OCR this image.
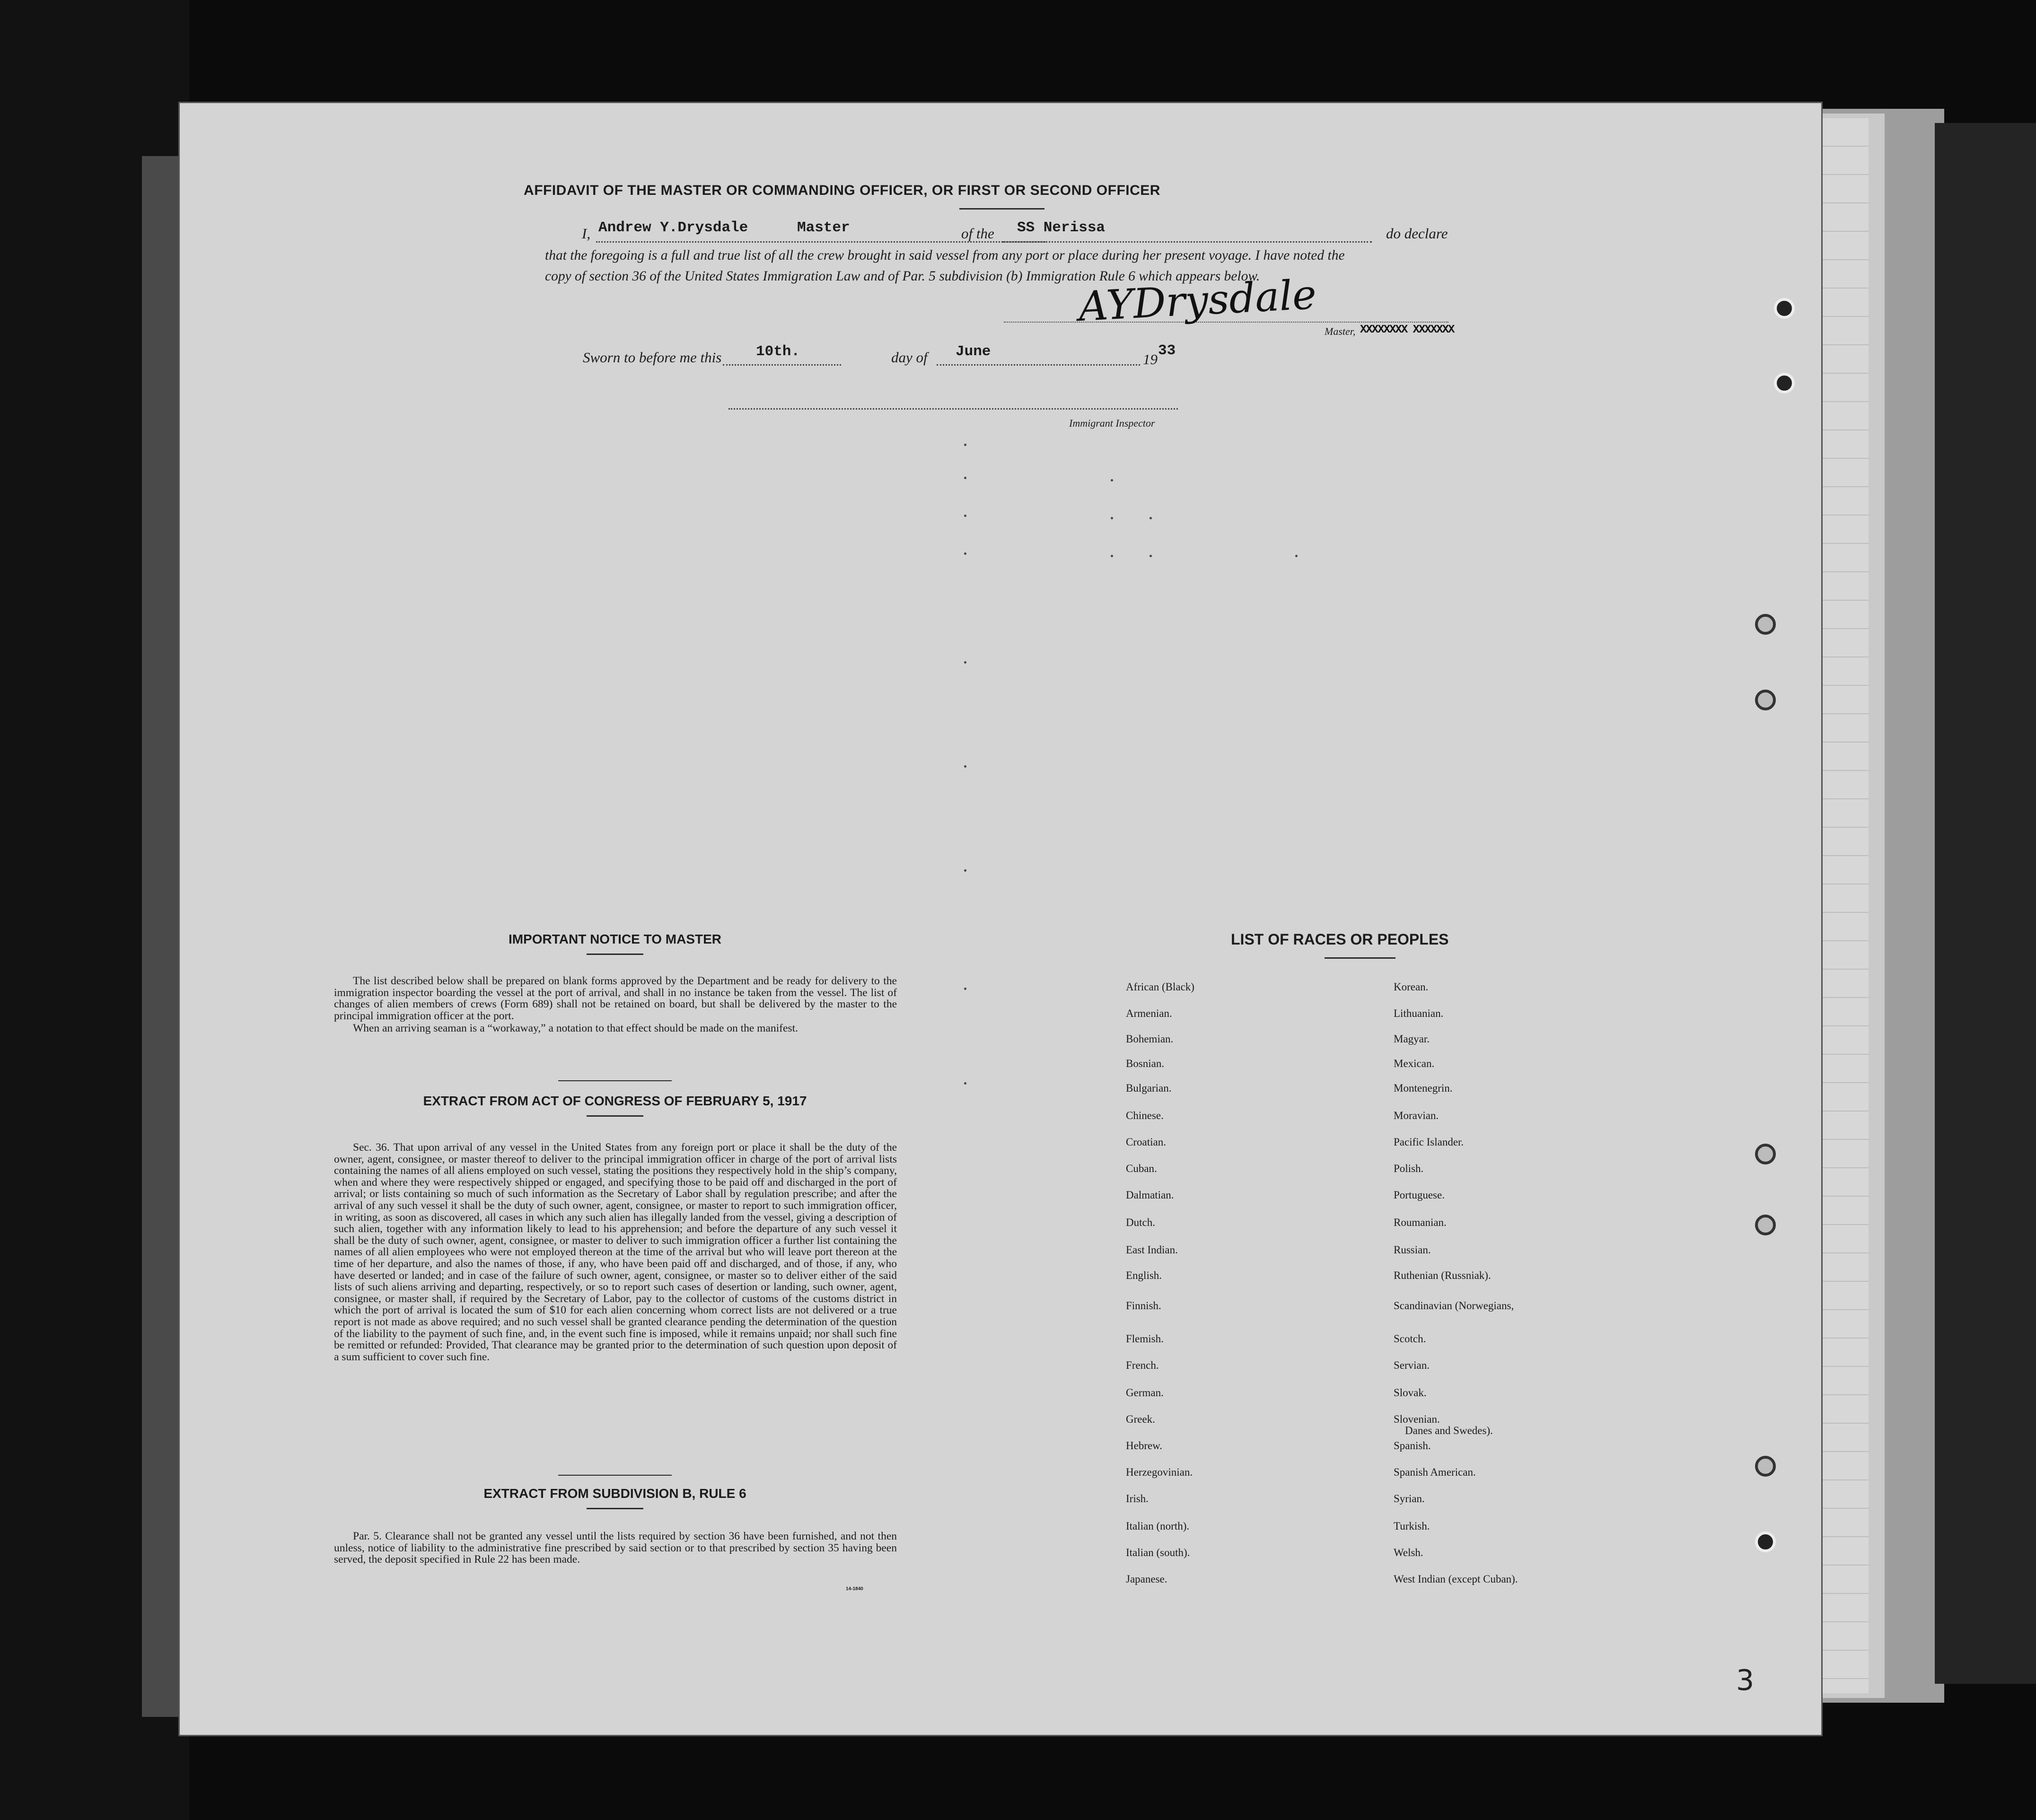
AFFIDAVIT OF THE MASTER OR COMMANDING OFFICER, OR FIRST OR SECOND OFFICER
I, Andrew Y.Drysdale	Master	of the SS Nerissa	do declare
that the foregoing is a full and true list of all the crew brought in said vessel from any port or place during her present voyage. I have noted the
copy of section 36 of the United States Immigration Law and of Par. 5 subdivision (b) Immigration Rule 6 which appears below.
AYDrysdale
Master, XXXXXXXX XXXXXXX
Sworn to before me this 10th.	day of June	19
33
Immigrant Inspector
IMPORTANT NOTICE TO MASTER
The list described below shall be prepared on blank forms approved by the Department and be ready for delivery to the immigration inspector boarding the vessel at the port of arrival, and shall in no instance be taken from the vessel. The list of changes of alien members of crews (Form 689) shall not be retained on board, but shall be delivered by the master to the principal immigration officer at the port.
When an arriving seaman is a “workaway,” a notation to that effect should be made on the manifest.
EXTRACT FROM ACT OF CONGRESS OF FEBRUARY 5, 1917
Sec. 36. That upon arrival of any vessel in the United States from any foreign port or place it shall be the duty of the owner, agent, consignee, or master thereof to deliver to the principal immigration officer in charge of the port of arrival lists containing the names of all aliens employed on such vessel, stating the positions they respectively hold in the ship’s company, when and where they were respectively shipped or engaged, and specifying those to be paid off and discharged in the port of arrival; or lists containing so much of such information as the Secretary of Labor shall by regulation prescribe; and after the arrival of any such vessel it shall be the duty of such owner, agent, consignee, or master to report to such immigration officer, in writing, as soon as discovered, all cases in which any such alien has illegally landed from the vessel, giving a description of such alien, together with any information likely to lead to his apprehension; and before the departure of any such vessel it shall be the duty of such owner, agent, consignee, or master to deliver to such immigration officer a further list containing the names of all alien employees who were not employed thereon at the time of the arrival but who will leave port thereon at the time of her departure, and also the names of those, if any, who have been paid off and discharged, and of those, if any, who have deserted or landed; and in case of the failure of such owner, agent, consignee, or master so to deliver either of the said lists of such aliens arriving and departing, respectively, or so to report such cases of desertion or landing, such owner, agent, consignee, or master shall, if required by the Secretary of Labor, pay to the collector of customs of the customs district in which the port of arrival is located the sum of $10 for each alien concerning whom correct lists are not delivered or a true report is not made as above required; and no such vessel shall be granted clearance pending the determination of the question of the liability to the payment of such fine, and, in the event such fine is imposed, while it remains unpaid; nor shall such fine be remitted or refunded: Provided, That clearance may be granted prior to the determination of such question upon deposit of a sum sufficient to cover such fine.
EXTRACT FROM SUBDIVISION B, RULE 6
Par. 5. Clearance shall not be granted any vessel until the lists required by section 36 have been furnished, and not then unless, notice of liability to the administrative fine prescribed by said section or to that prescribed by section 35 having been served, the deposit specified in Rule 22 has been made.
14-1840
LIST OF RACES OR PEOPLES
African (Black)
Armenian.
Bohemian.
Bosnian.
Bulgarian.
Chinese.
Croatian.
Cuban.
Dalmatian.
Dutch.
East Indian.
English.
Finnish.
Flemish.
French.
German.
Greek.
Hebrew.
Herzegovinian.
Irish.
Italian (north).
Italian (south).
Japanese.
Korean.
Lithuanian.
Magyar.
Mexican.
Montenegrin.
Moravian.
Pacific Islander.
Polish.
Portuguese.
Roumanian.
Russian.
Ruthenian (Russniak).
Scandinavian (Norwegians,
Scotch.
Servian.
Slovak.
Slovenian.
Spanish.
Spanish American.
Syrian.
Turkish.
Welsh.
West Indian (except Cuban).
Danes and Swedes).
3
